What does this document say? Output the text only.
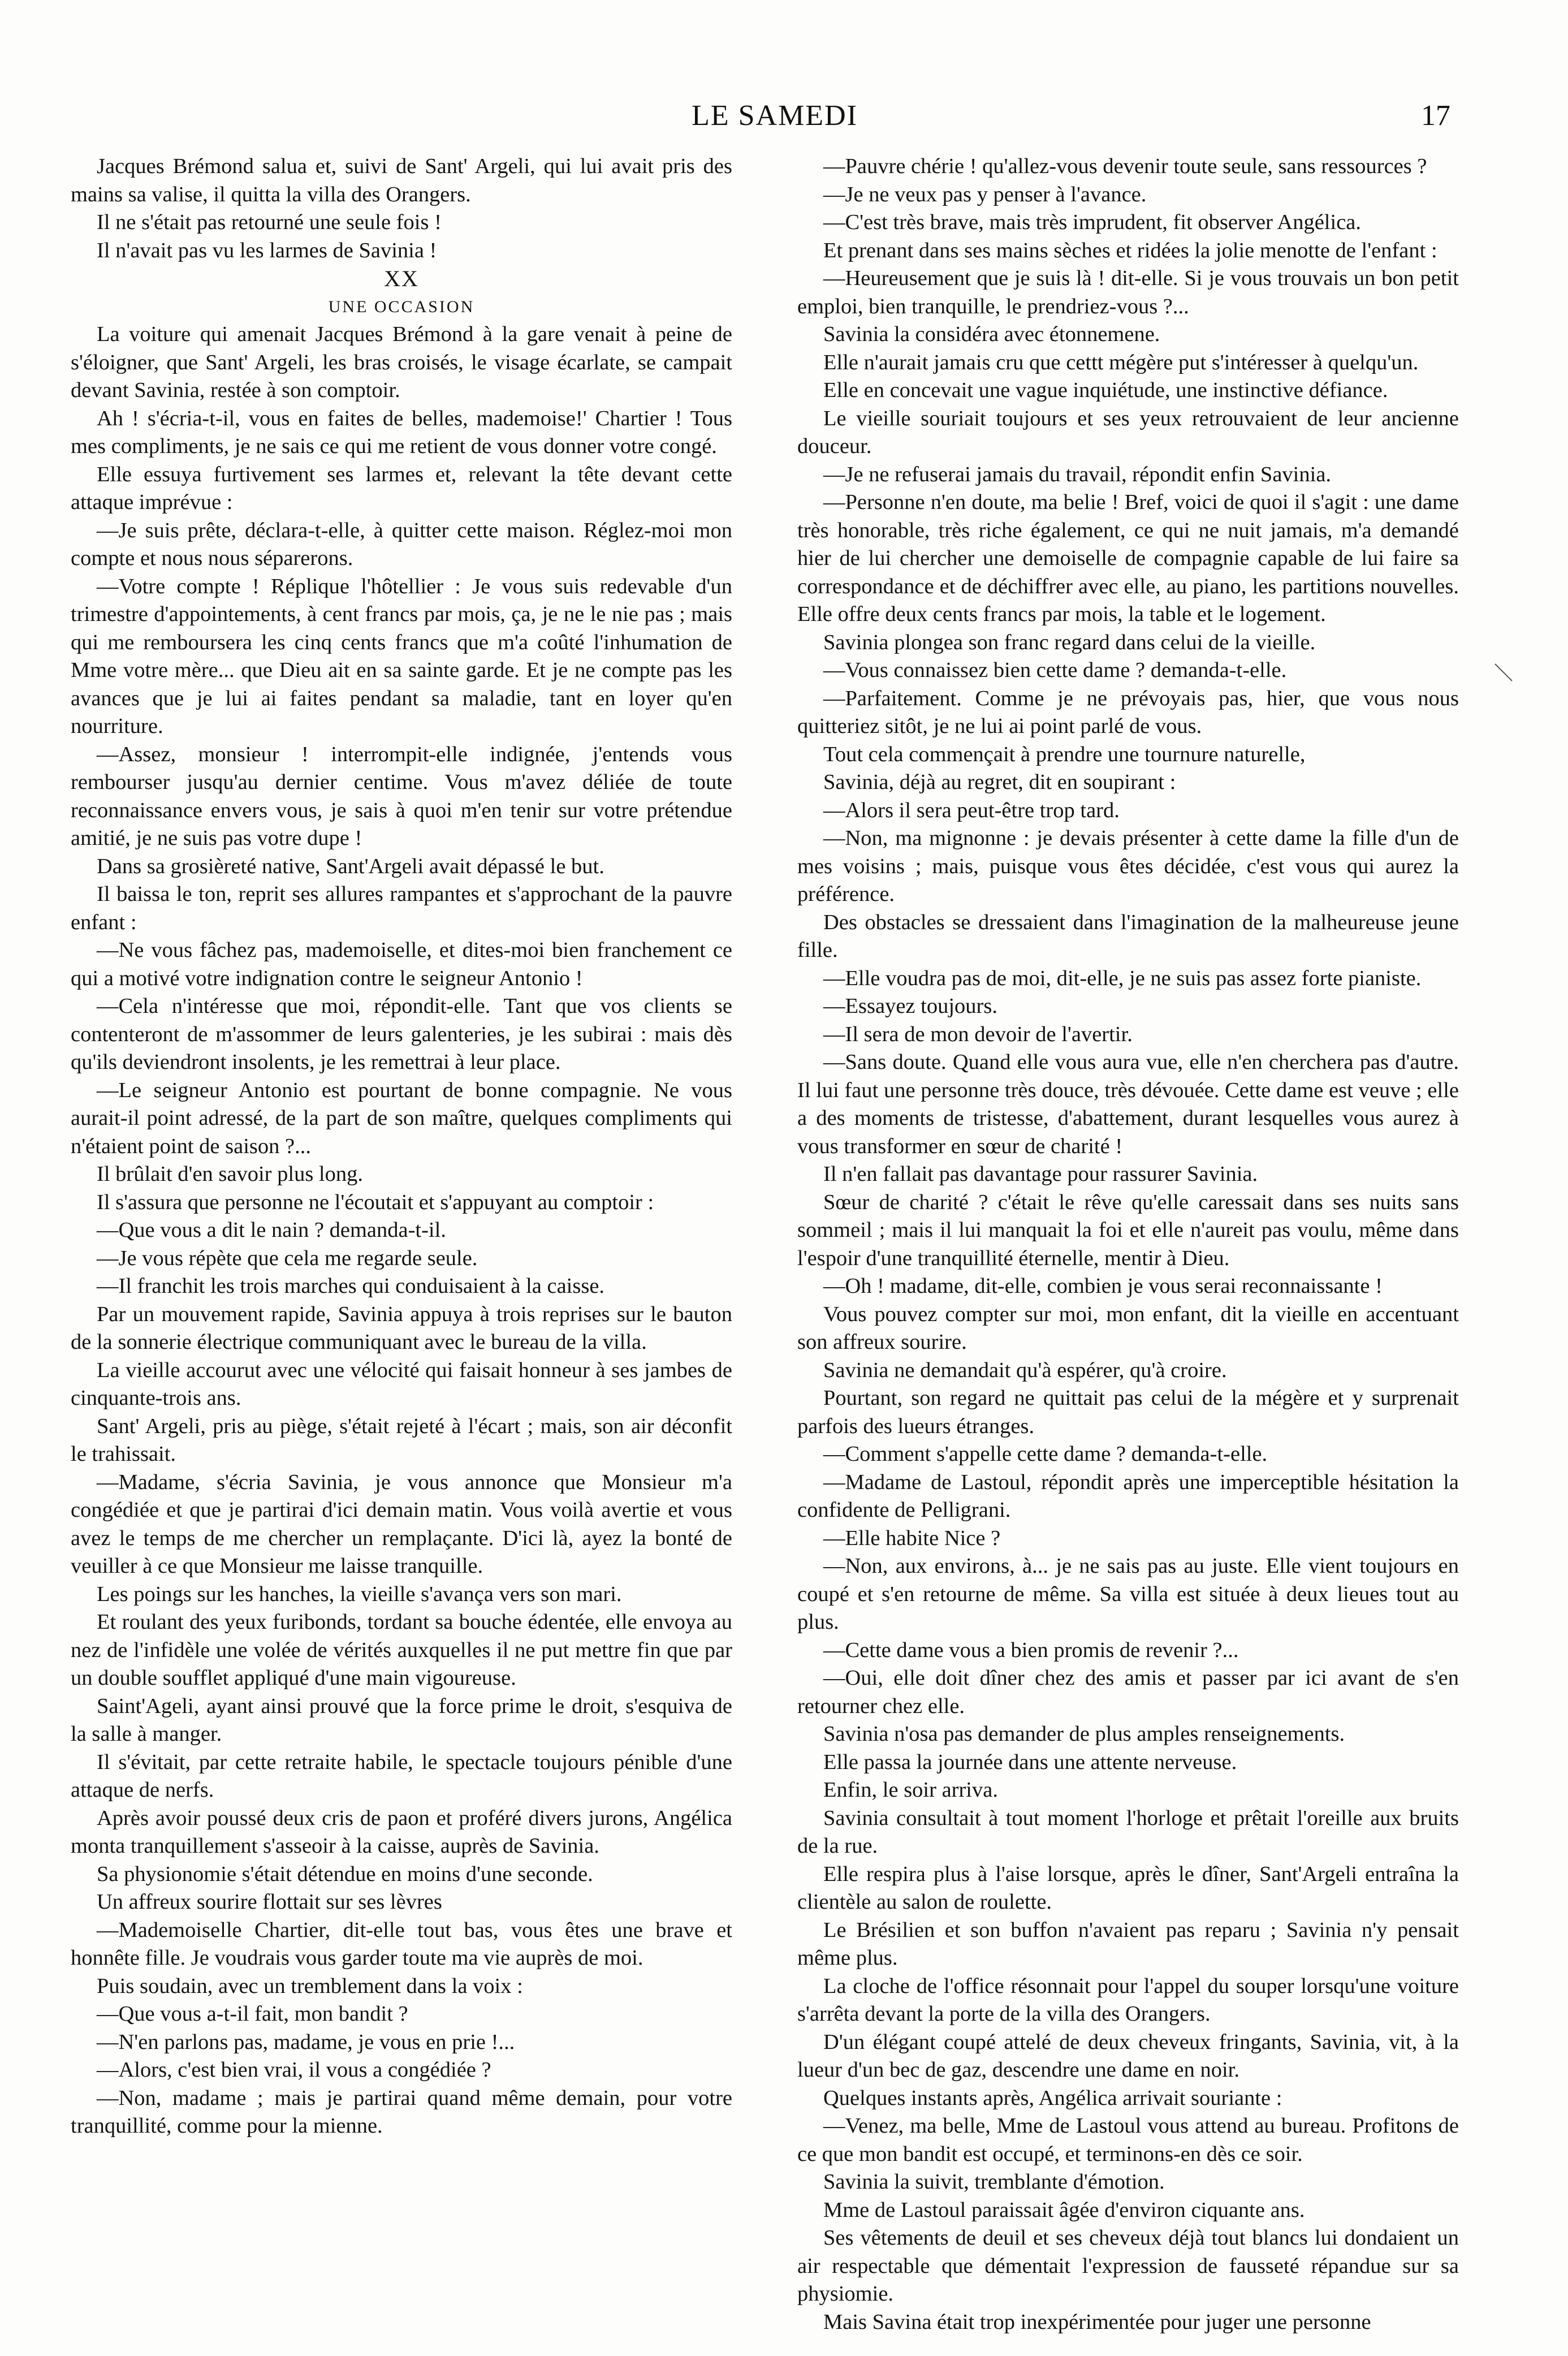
LE SAMEDI	17

Jacques Brémond salua et, suivi de Sant' Argeli, qui lui avait pris des mains sa valise, il quitta la villa des Orangers.

Il ne s'était pas retourné une seule fois !

Il n'avait pas vu les larmes de Savinia !

XX

UNE OCCASION

La voiture qui amenait Jacques Brémond à la gare venait à peine de s'éloigner, que Sant' Argeli, les bras croisés, le visage écarlate, se campait devant Savinia, restée à son comptoir.

Ah ! s'écria-t-il, vous en faites de belles, mademoise!' Chartier ! Tous mes compliments, je ne sais ce qui me retient de vous donner votre congé.

Elle essuya furtivement ses larmes et, relevant la tête devant cette attaque imprévue :

—Je suis prête, déclara-t-elle, à quitter cette maison. Réglez-moi mon compte et nous nous séparerons.

—Votre compte ! Réplique l'hôtellier : Je vous suis redevable d'un trimestre d'appointements, à cent francs par mois, ça, je ne le nie pas ; mais qui me remboursera les cinq cents francs que m'a coûté l'inhumation de Mme votre mère... que Dieu ait en sa sainte garde. Et je ne compte pas les avances que je lui ai faites pendant sa maladie, tant en loyer qu'en nourriture.

—Assez, monsieur ! interrompit-elle indignée, j'entends vous rembourser jusqu'au dernier centime. Vous m'avez déliée de toute reconnaissance envers vous, je sais à quoi m'en tenir sur votre prétendue amitié, je ne suis pas votre dupe !

Dans sa grosièreté native, Sant'Argeli avait dépassé le but.

Il baissa le ton, reprit ses allures rampantes et s'approchant de la pauvre enfant :

—Ne vous fâchez pas, mademoiselle, et dites-moi bien franchement ce qui a motivé votre indignation contre le seigneur Antonio !

—Cela n'intéresse que moi, répondit-elle. Tant que vos clients se contenteront de m'assommer de leurs galenteries, je les subirai : mais dès qu'ils deviendront insolents, je les remettrai à leur place.

—Le seigneur Antonio est pourtant de bonne compagnie. Ne vous aurait-il point adressé, de la part de son maître, quelques compliments qui n'étaient point de saison ?...

Il brûlait d'en savoir plus long.

Il s'assura que personne ne l'écoutait et s'appuyant au comptoir :

—Que vous a dit le nain ? demanda-t-il.

—Je vous répète que cela me regarde seule.

—Il franchit les trois marches qui conduisaient à la caisse.

Par un mouvement rapide, Savinia appuya à trois reprises sur le bauton de la sonnerie électrique communiquant avec le bureau de la villa.

La vieille accourut avec une vélocité qui faisait honneur à ses jambes de cinquante-trois ans.

Sant' Argeli, pris au piège, s'était rejeté à l'écart ; mais, son air déconfit le trahissait.

—Madame, s'écria Savinia, je vous annonce que Monsieur m'a congédiée et que je partirai d'ici demain matin. Vous voilà avertie et vous avez le temps de me chercher un remplaçante. D'ici là, ayez la bonté de veuiller à ce que Monsieur me laisse tranquille.

Les poings sur les hanches, la vieille s'avança vers son mari.

Et roulant des yeux furibonds, tordant sa bouche édentée, elle envoya au nez de l'infidèle une volée de vérités auxquelles il ne put mettre fin que par un double soufflet appliqué d'une main vigoureuse.

Saint'Ageli, ayant ainsi prouvé que la force prime le droit, s'esquiva de la salle à manger.

Il s'évitait, par cette retraite habile, le spectacle toujours pénible d'une attaque de nerfs.

Après avoir poussé deux cris de paon et proféré divers jurons, Angélica monta tranquillement s'asseoir à la caisse, auprès de Savinia.

Sa physionomie s'était détendue en moins d'une seconde.

Un affreux sourire flottait sur ses lèvres

—Mademoiselle Chartier, dit-elle tout bas, vous êtes une brave et honnête fille. Je voudrais vous garder toute ma vie auprès de moi.

Puis soudain, avec un tremblement dans la voix :

—Que vous a-t-il fait, mon bandit ?

—N'en parlons pas, madame, je vous en prie !...

—Alors, c'est bien vrai, il vous a congédiée ?

—Non, madame ; mais je partirai quand même demain, pour votre tranquillité, comme pour la mienne.

—Pauvre chérie ! qu'allez-vous devenir toute seule, sans ressources ?

—Je ne veux pas y penser à l'avance.

—C'est très brave, mais très imprudent, fit observer Angélica.

Et prenant dans ses mains sèches et ridées la jolie menotte de l'enfant :

—Heureusement que je suis là ! dit-elle. Si je vous trouvais un bon petit emploi, bien tranquille, le prendriez-vous ?...

Savinia la considéra avec étonnemene.

Elle n'aurait jamais cru que cettt mégère put s'intéresser à quelqu'un.

Elle en concevait une vague inquiétude, une instinctive défiance.

Le vieille souriait toujours et ses yeux retrouvaient de leur ancienne douceur.

—Je ne refuserai jamais du travail, répondit enfin Savinia.

—Personne n'en doute, ma belie ! Bref, voici de quoi il s'agit : une dame très honorable, très riche également, ce qui ne nuit jamais, m'a demandé hier de lui chercher une demoiselle de compagnie capable de lui faire sa correspondance et de déchiffrer avec elle, au piano, les partitions nouvelles. Elle offre deux cents francs par mois, la table et le logement.

Savinia plongea son franc regard dans celui de la vieille.

—Vous connaissez bien cette dame ? demanda-t-elle.

—Parfaitement. Comme je ne prévoyais pas, hier, que vous nous quitteriez sitôt, je ne lui ai point parlé de vous.

Tout cela commençait à prendre une tournure naturelle,

Savinia, déjà au regret, dit en soupirant :

—Alors il sera peut-être trop tard.

—Non, ma mignonne : je devais présenter à cette dame la fille d'un de mes voisins ; mais, puisque vous êtes décidée, c'est vous qui aurez la préférence.

Des obstacles se dressaient dans l'imagination de la malheureuse jeune fille.

—Elle voudra pas de moi, dit-elle, je ne suis pas assez forte pianiste.

—Essayez toujours.

—Il sera de mon devoir de l'avertir.

—Sans doute. Quand elle vous aura vue, elle n'en cherchera pas d'autre. Il lui faut une personne très douce, très dévouée. Cette dame est veuve ; elle a des moments de tristesse, d'abattement, durant lesquelles vous aurez à vous transformer en sœur de charité !

Il n'en fallait pas davantage pour rassurer Savinia.

Sœur de charité ? c'était le rêve qu'elle caressait dans ses nuits sans sommeil ; mais il lui manquait la foi et elle n'aureit pas voulu, même dans l'espoir d'une tranquillité éternelle, mentir à Dieu.

—Oh ! madame, dit-elle, combien je vous serai reconnaissante !

Vous pouvez compter sur moi, mon enfant, dit la vieille en accentuant son affreux sourire.

Savinia ne demandait qu'à espérer, qu'à croire.

Pourtant, son regard ne quittait pas celui de la mégère et y surprenait parfois des lueurs étranges.

—Comment s'appelle cette dame ? demanda-t-elle.

—Madame de Lastoul, répondit après une imperceptible hésitation la confidente de Pelligrani.

—Elle habite Nice ?

—Non, aux environs, à... je ne sais pas au juste. Elle vient toujours en coupé et s'en retourne de même. Sa villa est située à deux lieues tout au plus.

—Cette dame vous a bien promis de revenir ?...

—Oui, elle doit dîner chez des amis et passer par ici avant de s'en retourner chez elle.

Savinia n'osa pas demander de plus amples renseignements.

Elle passa la journée dans une attente nerveuse.

Enfin, le soir arriva.

Savinia consultait à tout moment l'horloge et prêtait l'oreille aux bruits de la rue.

Elle respira plus à l'aise lorsque, après le dîner, Sant'Argeli entraîna la clientèle au salon de roulette.

Le Brésilien et son buffon n'avaient pas reparu ; Savinia n'y pensait même plus.

La cloche de l'office résonnait pour l'appel du souper lorsqu'une voiture s'arrêta devant la porte de la villa des Orangers.

D'un élégant coupé attelé de deux cheveux fringants, Savinia, vit, à la lueur d'un bec de gaz, descendre une dame en noir.

Quelques instants après, Angélica arrivait souriante :

—Venez, ma belle, Mme de Lastoul vous attend au bureau. Profitons de ce que mon bandit est occupé, et terminons-en dès ce soir.

Savinia la suivit, tremblante d'émotion.

Mme de Lastoul paraissait âgée d'environ ciquante ans.

Ses vêtements de deuil et ses cheveux déjà tout blancs lui dondaient un air respectable que démentait l'expression de fausseté répandue sur sa physiomie.

Mais Savina était trop inexpérimentée pour juger une personne
